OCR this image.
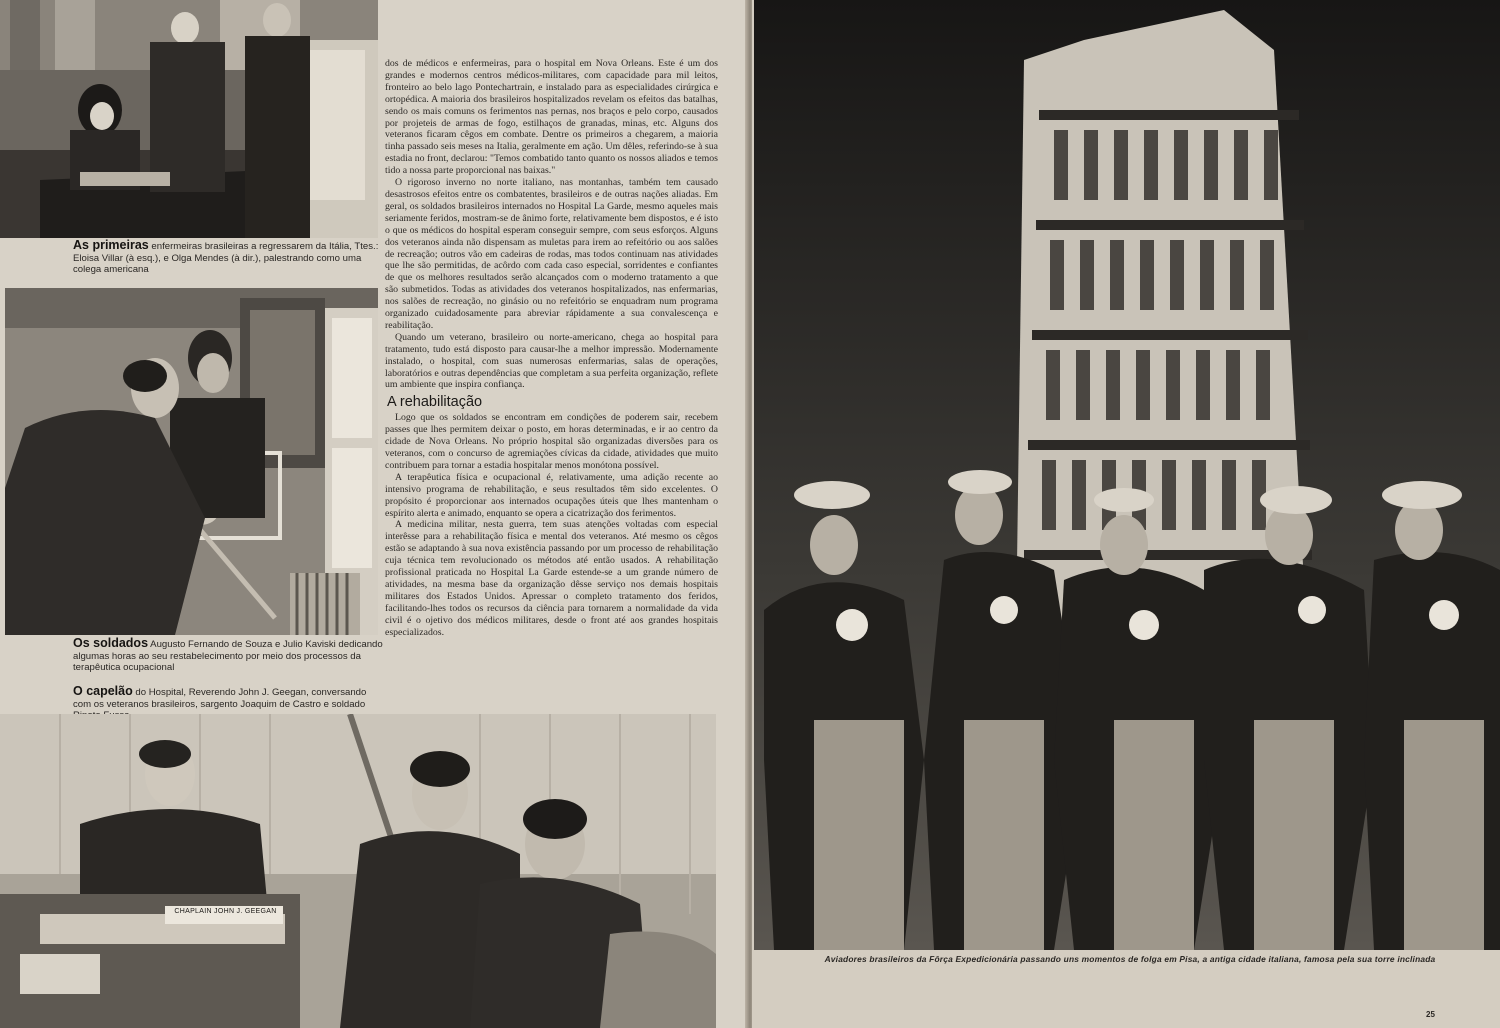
As primeiras enfermeiras brasileiras a regressarem da Itália, Ttes.: Eloisa Villar (à esq.), e Olga Mendes (à dir.), palestrando como uma colega americana
Os soldados Augusto Fernando de Souza e Julio Kaviski dedicando algumas horas ao seu restabelecimento por meio dos processos da terapêutica ocupacional
O capelão do Hospital, Reverendo John J. Geegan, conversando com os veteranos brasileiros, sargento Joaquim de Castro e soldado
CHAPLAIN JOHN J. GEEGAN

dos de médicos e enfermeiras, para o hospital em Nova Orleans. Este é um dos grandes e modernos centros médicos-militares, com capacidade para mil leitos, fronteiro ao belo lago Pontechartrain, e instalado para as especialidades cirúrgica e ortopédica. A maioria dos brasileiros hospitalizados revelam os efeitos das batalhas, sendo os mais comuns os ferimentos nas pernas, nos braços e pelo corpo, causados por projeteis de armas de fogo, estilhaços de granadas, minas, etc. Alguns dos veteranos ficaram cêgos em combate. Dentre os primeiros a chegarem, a maioria tinha passado seis meses na Italia, geralmente em ação. Um dêles, referindo-se à sua estadia no front, declarou: "Temos combatido tanto quanto os nossos aliados e temos tido a nossa parte proporcional nas baixas."

O rigoroso inverno no norte italiano, nas montanhas, também tem causado desastrosos efeitos entre os combatentes, brasileiros e de outras nações aliadas. Em geral, os soldados brasileiros internados no Hospital La Garde, mesmo aqueles mais seriamente feridos, mostram-se de ânimo forte, relativamente bem dispostos, e é isto o que os médicos do hospital esperam conseguir sempre, com seus esforços. Alguns dos veteranos ainda não dispensam as muletas para irem ao refeitório ou aos salões de recreação; outros vão em cadeiras de rodas, mas todos continuam nas atividades que lhe são permitidas, de acôrdo com cada caso especial, sorridentes e confiantes de que os melhores resultados serão alcançados com o moderno tratamento a que são submetidos. Todas as atividades dos veteranos hospitalizados, nas enfermarias, nos salões de recreação, no ginásio ou no refeitório se enquadram num programa organizado cuidadosamente para abreviar rápidamente a sua convalescença e reabilitação.

Quando um veterano, brasileiro ou norte-americano, chega ao hospital para tratamento, tudo está disposto para causar-lhe a melhor impressão. Modernamente instalado, o hospital, com suas numerosas enfermarias, salas de operações, laboratórios e outras dependências que completam a sua perfeita organização, reflete um ambiente que inspira confiança.

A rehabilitação

Logo que os soldados se encontram em condições de poderem sair, recebem passes que lhes permitem deixar o posto, em horas determinadas, e ir ao centro da cidade de Nova Orleans. No próprio hospital são organizadas diversões para os veteranos, com o concurso de agremiações cívicas da cidade, atividades que muito contribuem para tornar a estadia hospitalar menos monótona possível.

A terapêutica física e ocupacional é, relativamente, uma adição recente ao intensivo programa de rehabilitação, e seus resultados têm sido excelentes. O propósito é proporcionar aos internados ocupações úteis que lhes mantenham o espírito alerta e animado, enquanto se opera a cicatrização dos ferimentos.

A medicina militar, nesta guerra, tem suas atenções voltadas com especial interêsse para a rehabilitação física e mental dos veteranos. Até mesmo os cêgos estão se adaptando à sua nova existência passando por um processo de rehabilitação cuja técnica tem revolucionado os métodos até então usados. A rehabilitação profissional praticada no Hospital La Garde estende-se a um grande número de atividades, na mesma base da organização dêsse serviço nos demais hospitais militares dos Estados Unidos. Apressar o completo tratamento dos feridos, facilitando-lhes todos os recursos da ciência para tornarem a normalidade da vida civil é o ojetivo dos médicos militares, desde o front até aos grandes hospitais especializados.

Aviadores brasileiros da Fôrça Expedicionária passando uns momentos de folga em Pisa, a antiga cidade italiana, famosa pela sua torre inclinada
25
